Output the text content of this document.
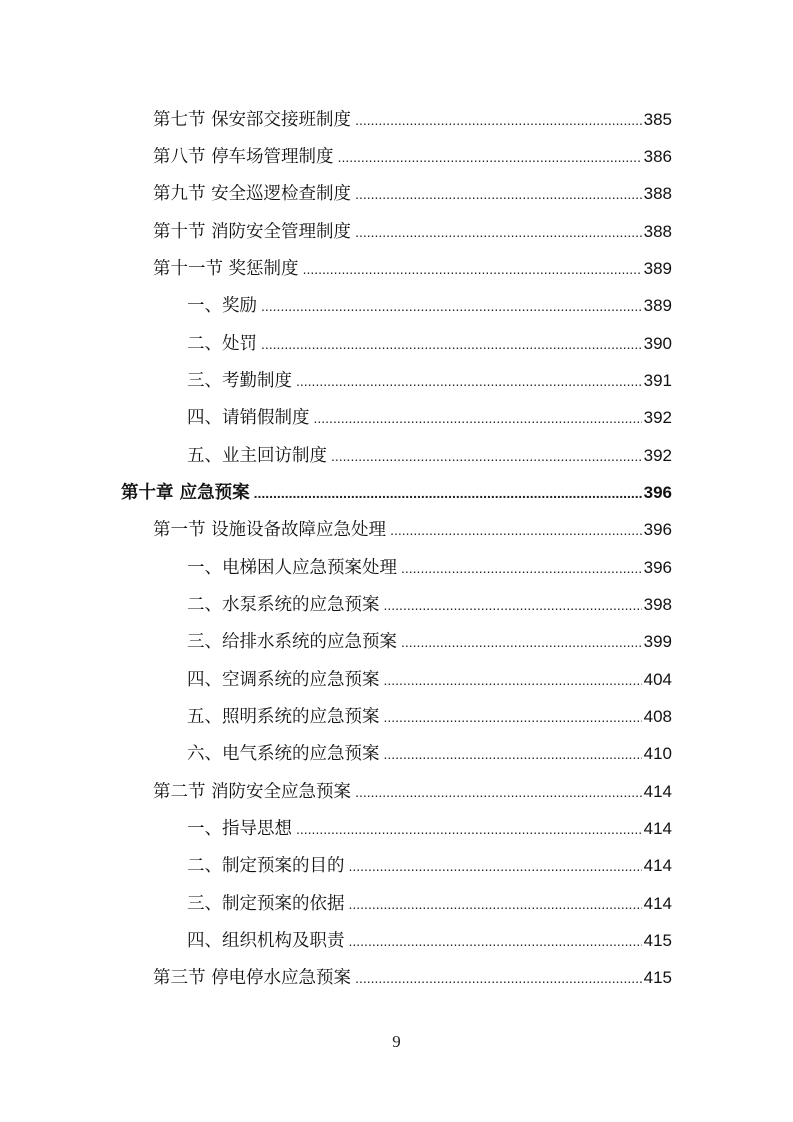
第七节 保安部交接班制度 .....	385
第八节 停车场管理制度 .....	386
第九节 安全巡逻检查制度 .....	388
第十节 消防安全管理制度 .....	388
第十一节 奖惩制度 .....	389
一、奖励 .....	389
二、处罚 .....	390
三、考勤制度 .....	391
四、请销假制度 .....	392
五、业主回访制度 .....	392
第十章 应急预案 .....	396
第一节 设施设备故障应急处理 .....	396
一、电梯困人应急预案处理 .....	396
二、水泵系统的应急预案 .....	398
三、给排水系统的应急预案 .....	399
四、空调系统的应急预案 .....	404
五、照明系统的应急预案 .....	408
六、电气系统的应急预案 .....	410
第二节 消防安全应急预案 .....	414
一、指导思想 .....	414
二、制定预案的目的 .....	414
三、制定预案的依据 .....	414
四、组织机构及职责 .....	415
第三节 停电停水应急预案 .....	415
9
